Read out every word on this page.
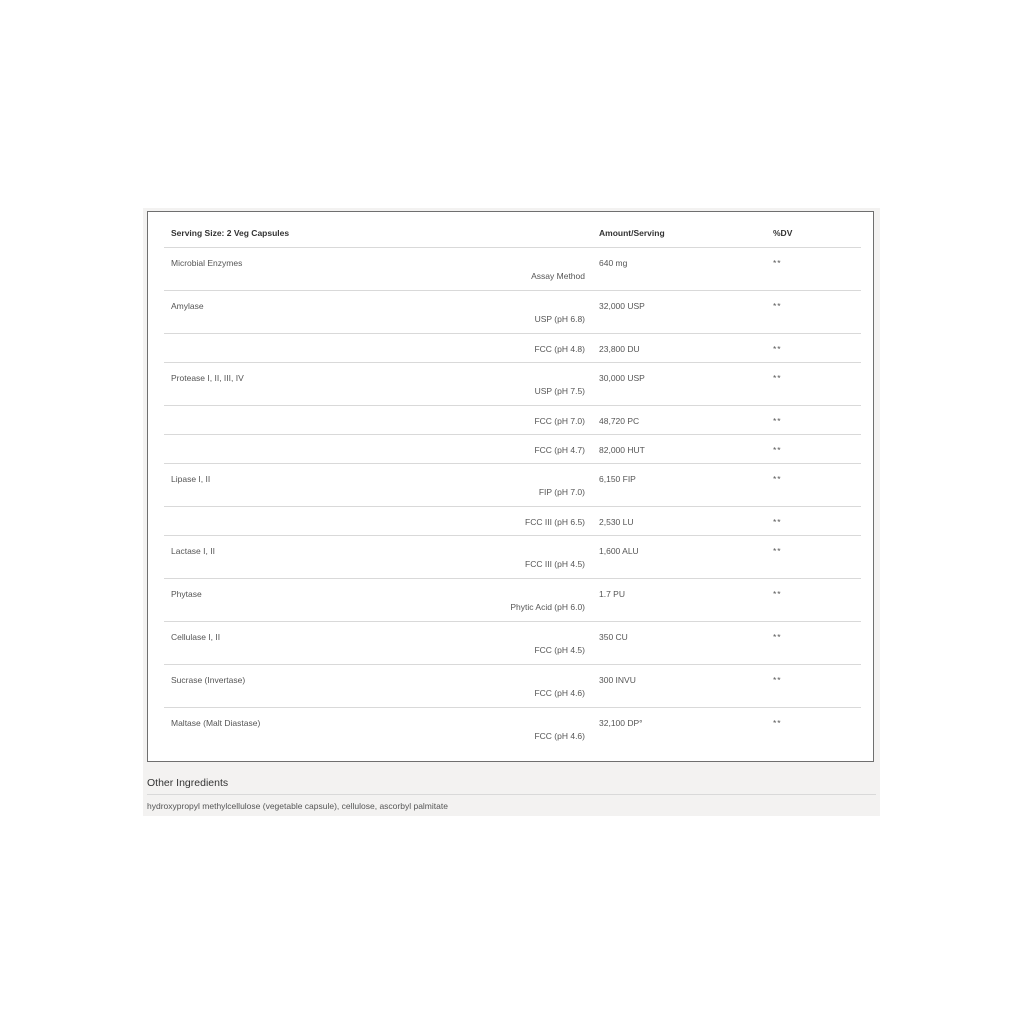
Serving Size: 2 Veg Capsules	Amount/Serving	%DV

Microbial Enzymes
Assay Method	640 mg	**

Amylase
USP (pH 6.8)	32,000 USP	**

FCC (pH 4.8)	23,800 DU	**

Protease I, II, III, IV
USP (pH 7.5)	30,000 USP	**

FCC (pH 7.0)	48,720 PC	**

FCC (pH 4.7)	82,000 HUT	**

Lipase I, II
FIP (pH 7.0)	6,150 FIP	**

FCC III (pH 6.5)	2,530 LU	**

Lactase I, II
FCC III (pH 4.5)	1,600 ALU	**

Phytase
Phytic Acid (pH 6.0)	1.7 PU	**

Cellulase I, II
FCC (pH 4.5)	350 CU	**

Sucrase (Invertase)
FCC (pH 4.6)	300 INVU	**

Maltase (Malt Diastase)
FCC (pH 4.6)	32,100 DP°	**
Other Ingredients
hydroxypropyl methylcellulose (vegetable capsule), cellulose, ascorbyl palmitate
